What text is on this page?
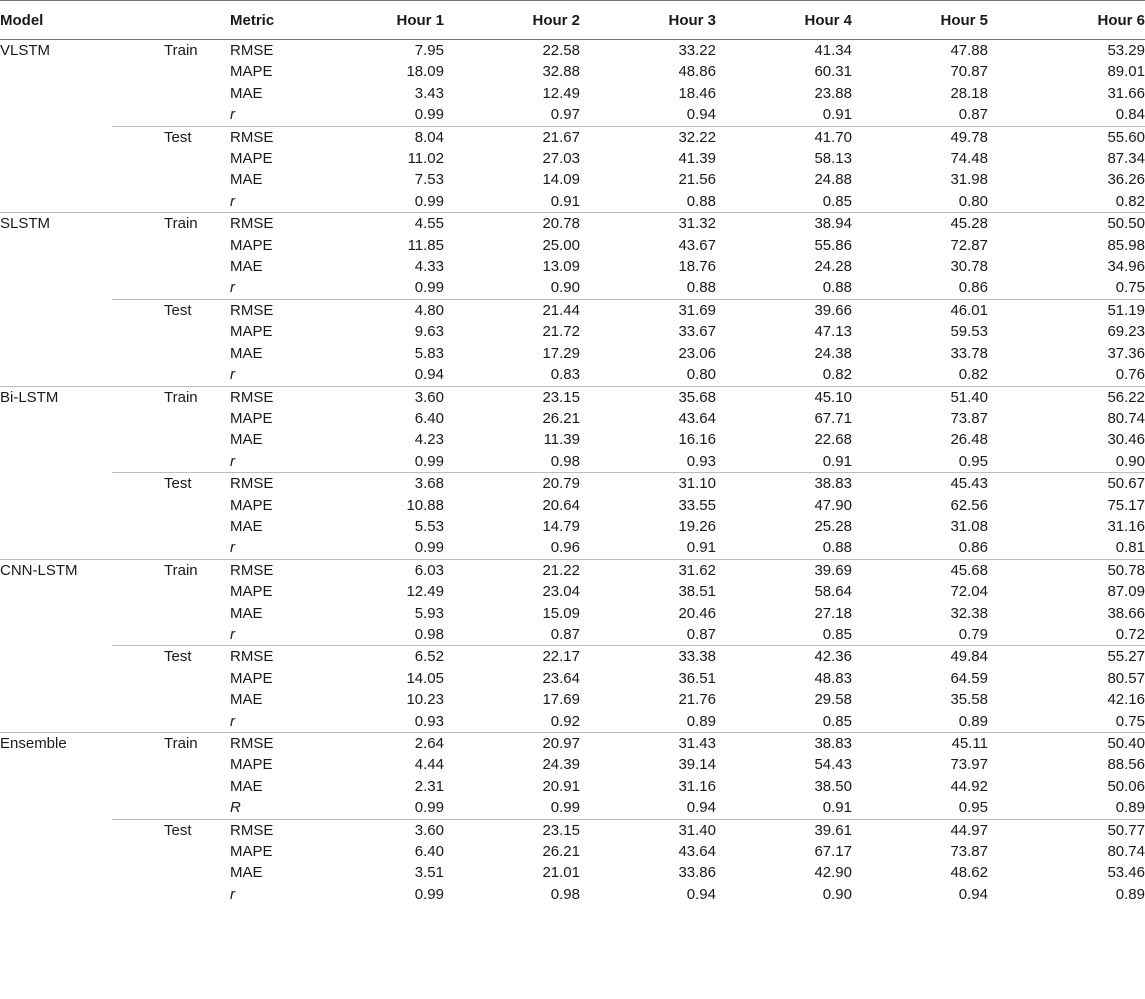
Model		Metric	Hour 1	Hour 2	Hour 3	Hour 4	Hour 5	Hour 6
VLSTM	Train	RMSE	7.95	22.58	33.22	41.34	47.88	53.29
		MAPE	18.09	32.88	48.86	60.31	70.87	89.01
		MAE	3.43	12.49	18.46	23.88	28.18	31.66
		r	0.99	0.97	0.94	0.91	0.87	0.84
	Test	RMSE	8.04	21.67	32.22	41.70	49.78	55.60
		MAPE	11.02	27.03	41.39	58.13	74.48	87.34
		MAE	7.53	14.09	21.56	24.88	31.98	36.26
		r	0.99	0.91	0.88	0.85	0.80	0.82
SLSTM	Train	RMSE	4.55	20.78	31.32	38.94	45.28	50.50
		MAPE	11.85	25.00	43.67	55.86	72.87	85.98
		MAE	4.33	13.09	18.76	24.28	30.78	34.96
		r	0.99	0.90	0.88	0.88	0.86	0.75
	Test	RMSE	4.80	21.44	31.69	39.66	46.01	51.19
		MAPE	9.63	21.72	33.67	47.13	59.53	69.23
		MAE	5.83	17.29	23.06	24.38	33.78	37.36
		r	0.94	0.83	0.80	0.82	0.82	0.76
Bi-LSTM	Train	RMSE	3.60	23.15	35.68	45.10	51.40	56.22
		MAPE	6.40	26.21	43.64	67.71	73.87	80.74
		MAE	4.23	11.39	16.16	22.68	26.48	30.46
		r	0.99	0.98	0.93	0.91	0.95	0.90
	Test	RMSE	3.68	20.79	31.10	38.83	45.43	50.67
		MAPE	10.88	20.64	33.55	47.90	62.56	75.17
		MAE	5.53	14.79	19.26	25.28	31.08	31.16
		r	0.99	0.96	0.91	0.88	0.86	0.81
CNN-LSTM	Train	RMSE	6.03	21.22	31.62	39.69	45.68	50.78
		MAPE	12.49	23.04	38.51	58.64	72.04	87.09
		MAE	5.93	15.09	20.46	27.18	32.38	38.66
		r	0.98	0.87	0.87	0.85	0.79	0.72
	Test	RMSE	6.52	22.17	33.38	42.36	49.84	55.27
		MAPE	14.05	23.64	36.51	48.83	64.59	80.57
		MAE	10.23	17.69	21.76	29.58	35.58	42.16
		r	0.93	0.92	0.89	0.85	0.89	0.75
Ensemble	Train	RMSE	2.64	20.97	31.43	38.83	45.11	50.40
		MAPE	4.44	24.39	39.14	54.43	73.97	88.56
		MAE	2.31	20.91	31.16	38.50	44.92	50.06
		R	0.99	0.99	0.94	0.91	0.95	0.89
	Test	RMSE	3.60	23.15	31.40	39.61	44.97	50.77
		MAPE	6.40	26.21	43.64	67.17	73.87	80.74
		MAE	3.51	21.01	33.86	42.90	48.62	53.46
		r	0.99	0.98	0.94	0.90	0.94	0.89
